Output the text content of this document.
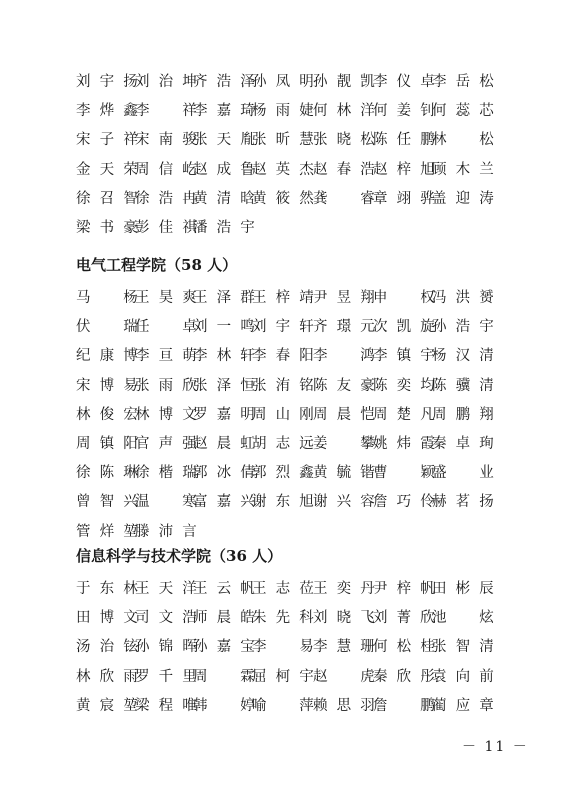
刘宇扬
刘治坤
齐浩泽
孙凤明 孙靓凯
李仪卓
李岳松
李烨鑫
李　祥
李嘉琦
杨雨婕 何林洋
何姜钊
何蕊芯
宋子祥
宋南骏
张天胤
张昕慧 张晓松
陈任鹏
林　松
金天荣
周信屹
赵成鲁
赵英杰 赵春浩
赵梓旭
顾木兰
徐召智
徐浩冉
黄清晗
黄筱然 龚　睿
章翊骅
盖迎涛
梁书豪
彭佳祺
潘浩宇
电气工程学院（58 人）
马　杨
王昊爽
王泽群
王梓靖 尹昱翔
申　权
冯洪赟
伏　瑞
任　卓
刘一鸣
刘宇轩 齐璟元
次凯旋
孙浩宇
纪康博
李亘萌
李林轩
李春阳 李　鸿
李镇宇
杨汉清
宋博易
张雨欣
张泽恒
张洧铭 陈友豪
陈奕均
陈骥清
林俊宏
林博文
罗嘉明
周山刚 周晨恺
周楚凡
周鹏翔
周镇阳
官声强
赵晨虹
胡志远 姜　攀
姚炜霞
秦卓珣
徐陈琳
徐楷瑞
郭冰倩
郭烈鑫 黄毓锴
曹　颖
盛　业
曾智兴
温　寒
富嘉兴
谢东旭 谢兴容
詹巧伶
赫茗扬
管烊堃
滕沛言
信息科学与技术学院（36 人）
于东林
王天洋
王云帆
王志莅 王奕丹
尹梓帆
田彬辰
田博文
司文浩
师晨皓
朱先科 刘晓飞
刘菁欣
池　炫
汤治铉
孙锦晖
孙嘉宝
李　易 李慧珊
何松桂
张智清
林欣雨
罗千里
周　霖
屈柯宇 赵　虎
秦欣彤
袁向前
黄宸堃
梁程唯
韩　婷
喻　萍 赖思羽
詹　鹏
蔺应章
－ 11 －
